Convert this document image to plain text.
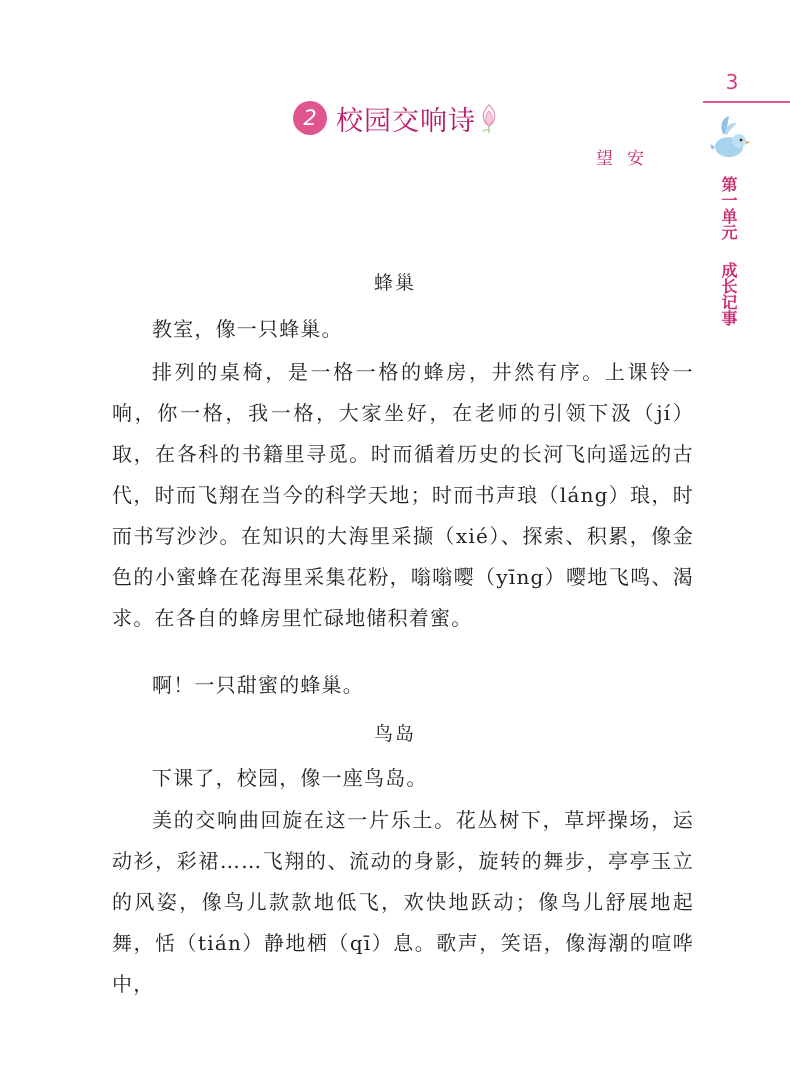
3
第一单元
成长记事
2 校园交响诗
望安
蜂巢

教室，像一只蜂巢。

排列的桌椅，是一格一格的蜂房，井然有序。上课铃一响，你一格，我一格，大家坐好，在老师的引领下汲（jí）取，在各科的书籍里寻觅。时而循着历史的长河飞向遥远的古代，时而飞翔在当今的科学天地；时而书声琅（láng）琅，时而书写沙沙。在知识的大海里采撷（xié）、探索、积累，像金色的小蜜蜂在花海里采集花粉，嗡嗡嘤（yīng）嘤地飞鸣、渴求。在各自的蜂房里忙碌地储积着蜜。

啊！一只甜蜜的蜂巢。

鸟岛

下课了，校园，像一座鸟岛。

美的交响曲回旋在这一片乐土。花丛树下，草坪操场，运动衫，彩裙……飞翔的、流动的身影，旋转的舞步，亭亭玉立的风姿，像鸟儿款款地低飞，欢快地跃动；像鸟儿舒展地起舞，恬（tián）静地栖（qī）息。歌声，笑语，像海潮的喧哗中，
